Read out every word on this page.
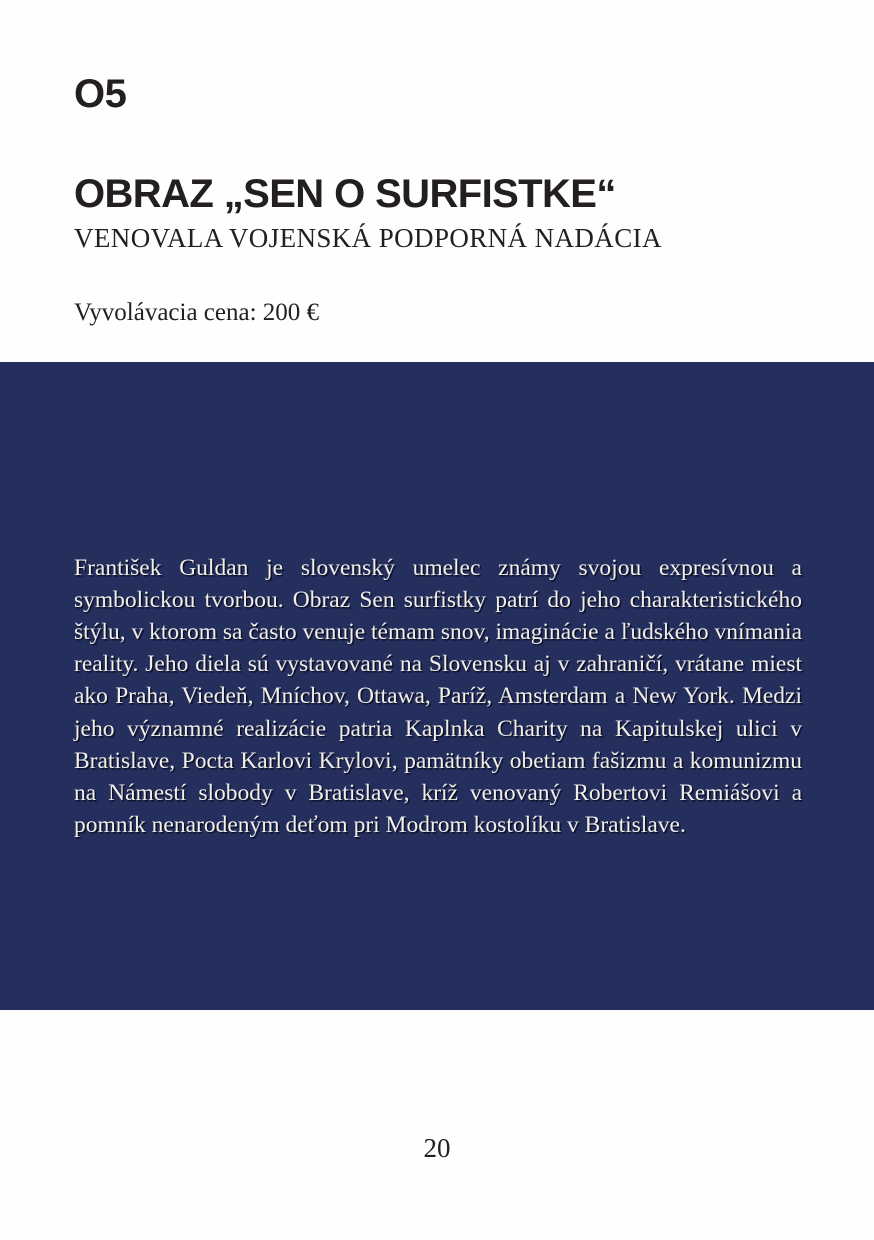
O5
OBRAZ „SEN O SURFISTKE“
VENOVALA VOJENSKÁ PODPORNÁ NADÁCIA
Vyvolávacia cena: 200 €

František Guldan je slovenský umelec známy svojou expresívnou a symbolickou tvorbou. Obraz Sen surfistky patrí do jeho charakteristického štýlu, v ktorom sa často venuje témam snov, imaginácie a ľudského vnímania reality. Jeho diela sú vystavované na Slovensku aj v zahraničí, vrátane miest ako Praha, Viedeň, Mníchov, Ottawa, Paríž, Amsterdam a New York. Medzi jeho významné realizácie patria Kaplnka Charity na Kapitulskej ulici v Bratislave, Pocta Karlovi Krylovi, pamätníky obetiam fašizmu a komunizmu na Námestí slobody v Bratislave, kríž venovaný Robertovi Remiášovi a pomník nenarodeným deťom pri Modrom kostolíku v Bratislave.

20
